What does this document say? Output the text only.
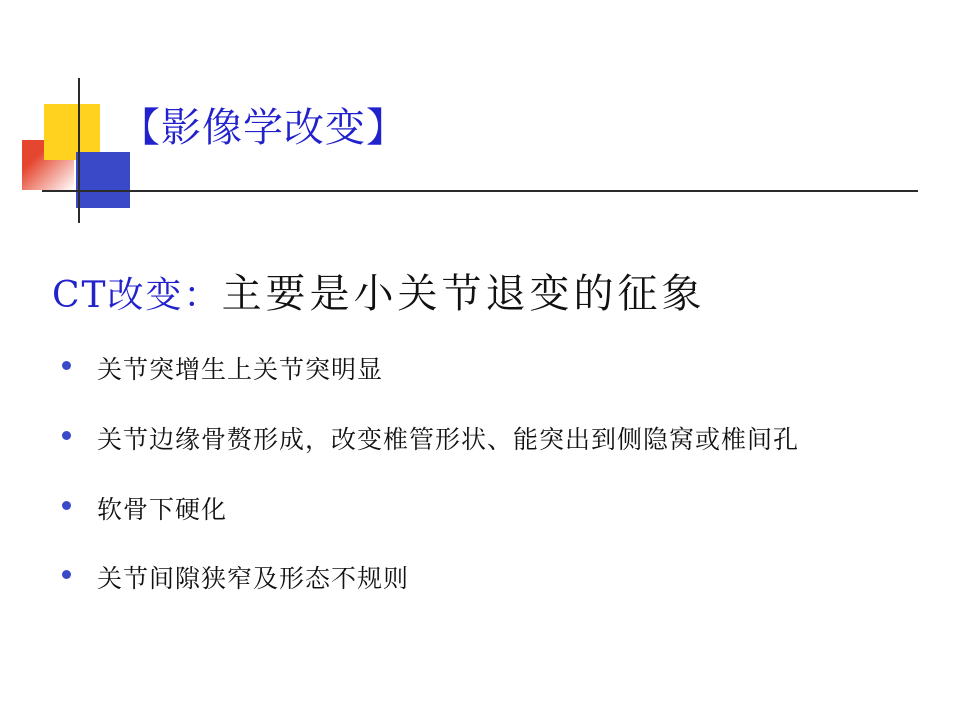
【影像学改变】
CT改变：主要是小关节退变的征象
关节突增生上关节突明显
关节边缘骨赘形成，改变椎管形状、能突出到侧隐窝或椎间孔
软骨下硬化
关节间隙狭窄及形态不规则
